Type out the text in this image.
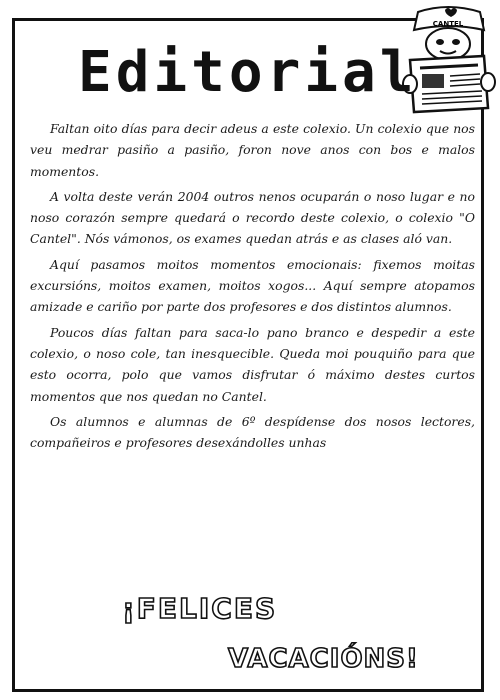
CANTEL
Editorial

Faltan oito días para decir adeus a este colexio. Un colexio que nos veu medrar pasiño a pasiño, foron nove anos con bos e malos momentos.

A volta deste verán 2004 outros nenos ocuparán o noso lugar e no noso corazón sempre quedará o recordo deste colexio, o colexio "O Cantel". Nós vámonos, os exames quedan atrás e as clases aló van.

Aquí pasamos moitos momentos emocionais: fixemos moitas excursións, moitos examen, moitos xogos... Aquí sempre atopamos amizade e cariño por parte dos profesores e dos distintos alumnos.

Poucos días faltan para saca-lo pano branco e despedir a este colexio, o noso cole, tan inesquecible. Queda moi pouquiño para que esto ocorra, polo que vamos disfrutar ó máximo destes curtos momentos que nos quedan no Cantel.

Os alumnos e alumnas de 6º despídense dos nosos lectores, compañeiros e profesores desexándolles unhas

¡FELICES
VACACIÓNS!
